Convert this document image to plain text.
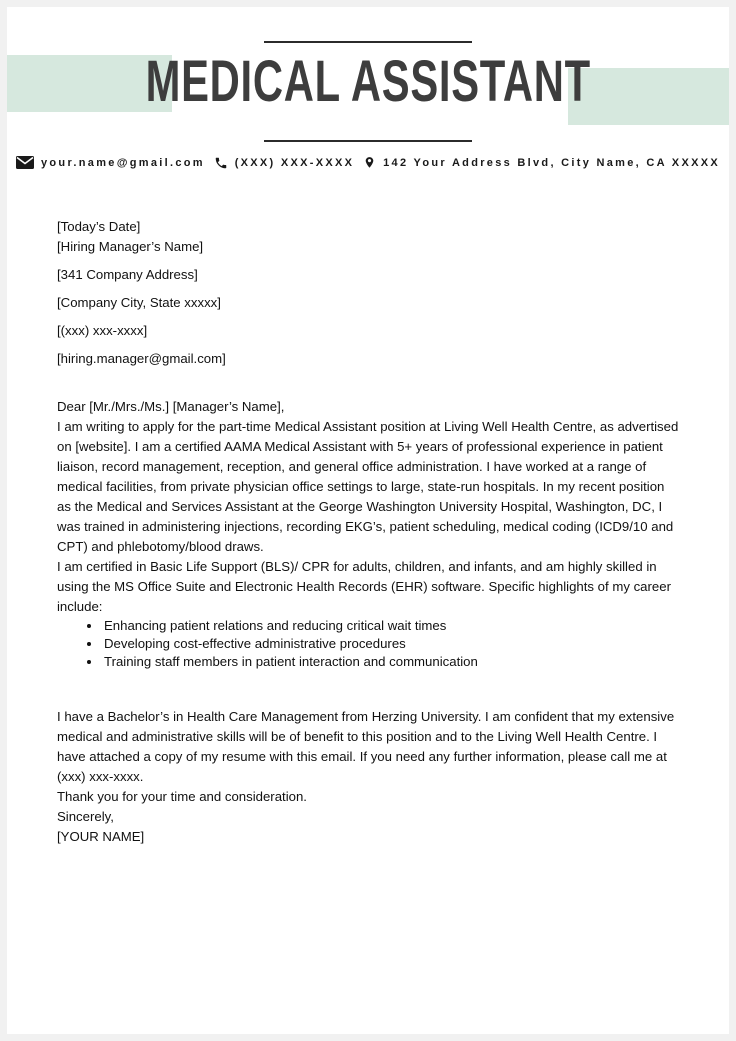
MEDICAL ASSISTANT
your.name@gmail.com	(XXX) XXX-XXXX	142 Your Address Blvd, City Name, CA XXXXX

[Today’s Date]

[Hiring Manager’s Name]
[341 Company Address]
[Company City, State xxxxx]
[(xxx) xxx-xxxx]
[hiring.manager@gmail.com]

Dear [Mr./Mrs./Ms.] [Manager’s Name],

I am writing to apply for the part-time Medical Assistant position at Living Well Health Centre, as advertised on [website]. I am a certified AAMA Medical Assistant with 5+ years of professional experience in patient liaison, record management, reception, and general office administration. I have worked at a range of medical facilities, from private physician office settings to large, state-run hospitals. In my recent position as the Medical and Services Assistant at the George Washington University Hospital, Washington, DC, I was trained in administering injections, recording EKG’s, patient scheduling, medical coding (ICD9/10 and CPT) and phlebotomy/blood draws.

I am certified in Basic Life Support (BLS)/ CPR for adults, children, and infants, and am highly skilled in using the MS Office Suite and Electronic Health Records (EHR) software. Specific highlights of my career include:

• Enhancing patient relations and reducing critical wait times
• Developing cost-effective administrative procedures
• Training staff members in patient interaction and communication

I have a Bachelor’s in Health Care Management from Herzing University. I am confident that my extensive medical and administrative skills will be of benefit to this position and to the Living Well Health Centre. I have attached a copy of my resume with this email. If you need any further information, please call me at (xxx) xxx-xxxx.

Thank you for your time and consideration.

Sincerely,

[YOUR NAME]
